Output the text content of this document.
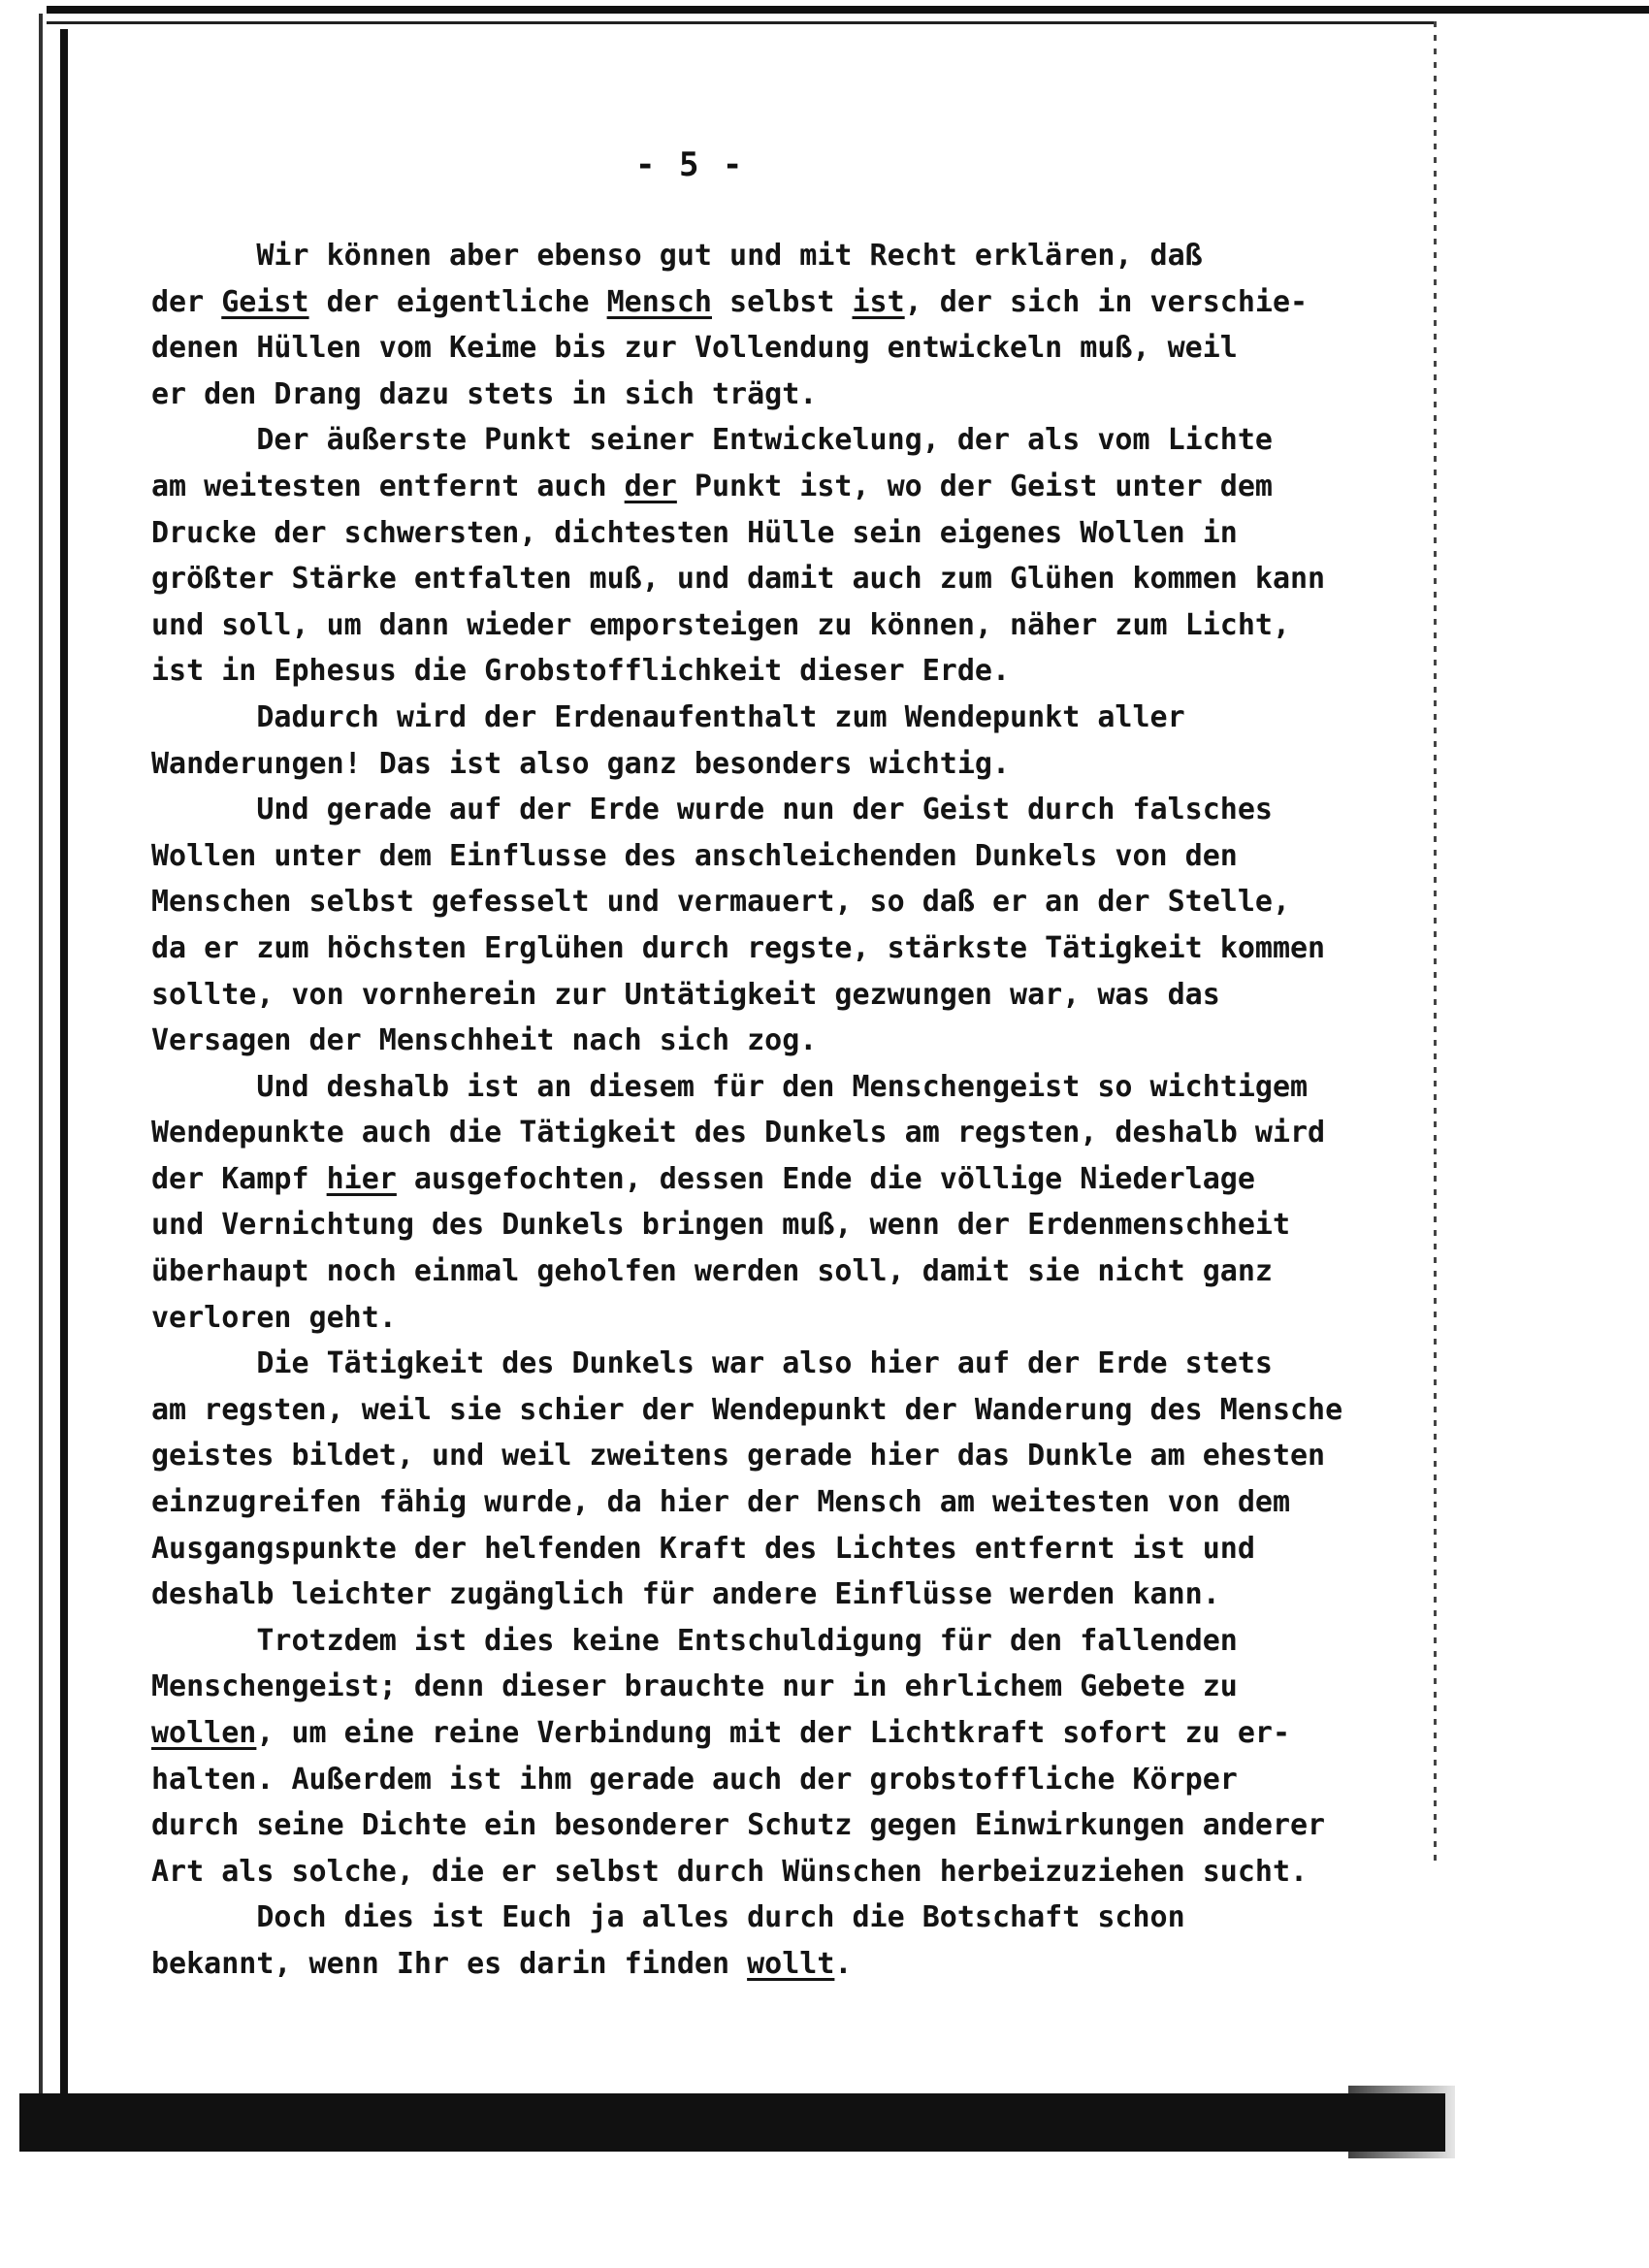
- 5 -
Wir können aber ebenso gut und mit Recht erklären, daß
der Geist der eigentliche Mensch selbst ist, der sich in verschie-
denen Hüllen vom Keime bis zur Vollendung entwickeln muß, weil
er den Drang dazu stets in sich trägt.
Der äußerste Punkt seiner Entwickelung, der als vom Lichte
am weitesten entfernt auch der Punkt ist, wo der Geist unter dem
Drucke der schwersten, dichtesten Hülle sein eigenes Wollen in
größter Stärke entfalten muß, und damit auch zum Glühen kommen kann
und soll, um dann wieder emporsteigen zu können, näher zum Licht,
ist in Ephesus die Grobstofflichkeit dieser Erde.
Dadurch wird der Erdenaufenthalt zum Wendepunkt aller
Wanderungen! Das ist also ganz besonders wichtig.
Und gerade auf der Erde wurde nun der Geist durch falsches
Wollen unter dem Einflusse des anschleichenden Dunkels von den
Menschen selbst gefesselt und vermauert, so daß er an der Stelle,
da er zum höchsten Erglühen durch regste, stärkste Tätigkeit kommen
sollte, von vornherein zur Untätigkeit gezwungen war, was das
Versagen der Menschheit nach sich zog.
Und deshalb ist an diesem für den Menschengeist so wichtigem
Wendepunkte auch die Tätigkeit des Dunkels am regsten, deshalb wird
der Kampf hier ausgefochten, dessen Ende die völlige Niederlage
und Vernichtung des Dunkels bringen muß, wenn der Erdenmenschheit
überhaupt noch einmal geholfen werden soll, damit sie nicht ganz
verloren geht.
Die Tätigkeit des Dunkels war also hier auf der Erde stets
am regsten, weil sie schier der Wendepunkt der Wanderung des Mensche
geistes bildet, und weil zweitens gerade hier das Dunkle am ehesten
einzugreifen fähig wurde, da hier der Mensch am weitesten von dem
Ausgangspunkte der helfenden Kraft des Lichtes entfernt ist und
deshalb leichter zugänglich für andere Einflüsse werden kann.
Trotzdem ist dies keine Entschuldigung für den fallenden
Menschengeist; denn dieser brauchte nur in ehrlichem Gebete zu
wollen, um eine reine Verbindung mit der Lichtkraft sofort zu er-
halten. Außerdem ist ihm gerade auch der grobstoffliche Körper
durch seine Dichte ein besonderer Schutz gegen Einwirkungen anderer
Art als solche, die er selbst durch Wünschen herbeizuziehen sucht.
Doch dies ist Euch ja alles durch die Botschaft schon
bekannt, wenn Ihr es darin finden wollt.
